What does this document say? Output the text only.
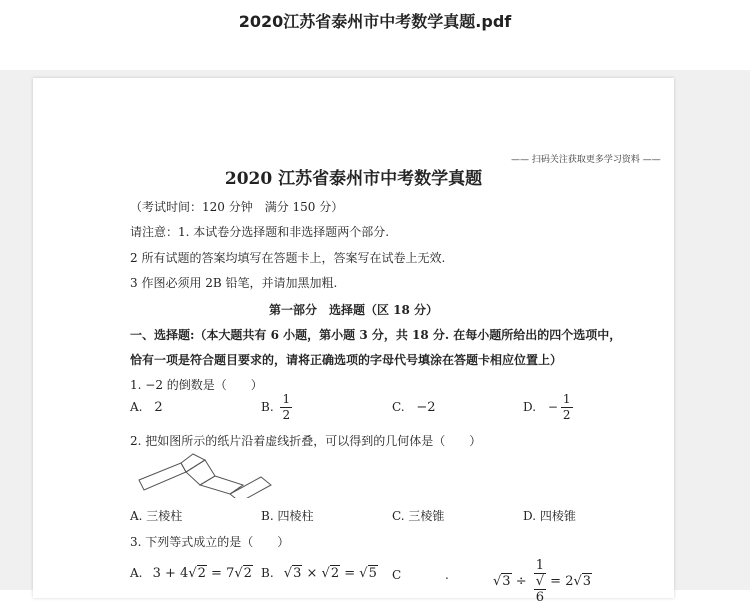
2020江苏省泰州市中考数学真题.pdf
—— 扫码关注获取更多学习资料 ——
2020 江苏省泰州市中考数学真题
（考试时间：120 分钟　满分 150 分）
请注意：1. 本试卷分选择题和非选择题两个部分.
2 所有试题的答案均填写在答题卡上，答案写在试卷上无效.
3 作图必须用 2B 铅笔，并请加黑加粗.
第一部分　选择题（区 18 分）
一、选择题:（本大题共有 6 小题，第小题 3 分，共 18 分. 在每小题所给出的四个选项中，
恰有一项是符合题目要求的，请将正确选项的字母代号填涂在答题卡相应位置上）
1. −2 的倒数是（　　）
A. 2	B. $\frac{1}{2}$	C. −2	D. − $\frac{1}{2}$
2. 把如图所示的纸片沿着虚线折叠，可以得到的几何体是（　　）
A. 三棱柱	B. 四棱柱	C. 三棱锥	D. 四棱锥
3. 下列等式成立的是（　　）
A. 3 + 4√2 = 7√2 B. √3 × √2 = √5 C	.	√3 ÷ 1
√
6 = 2√3
